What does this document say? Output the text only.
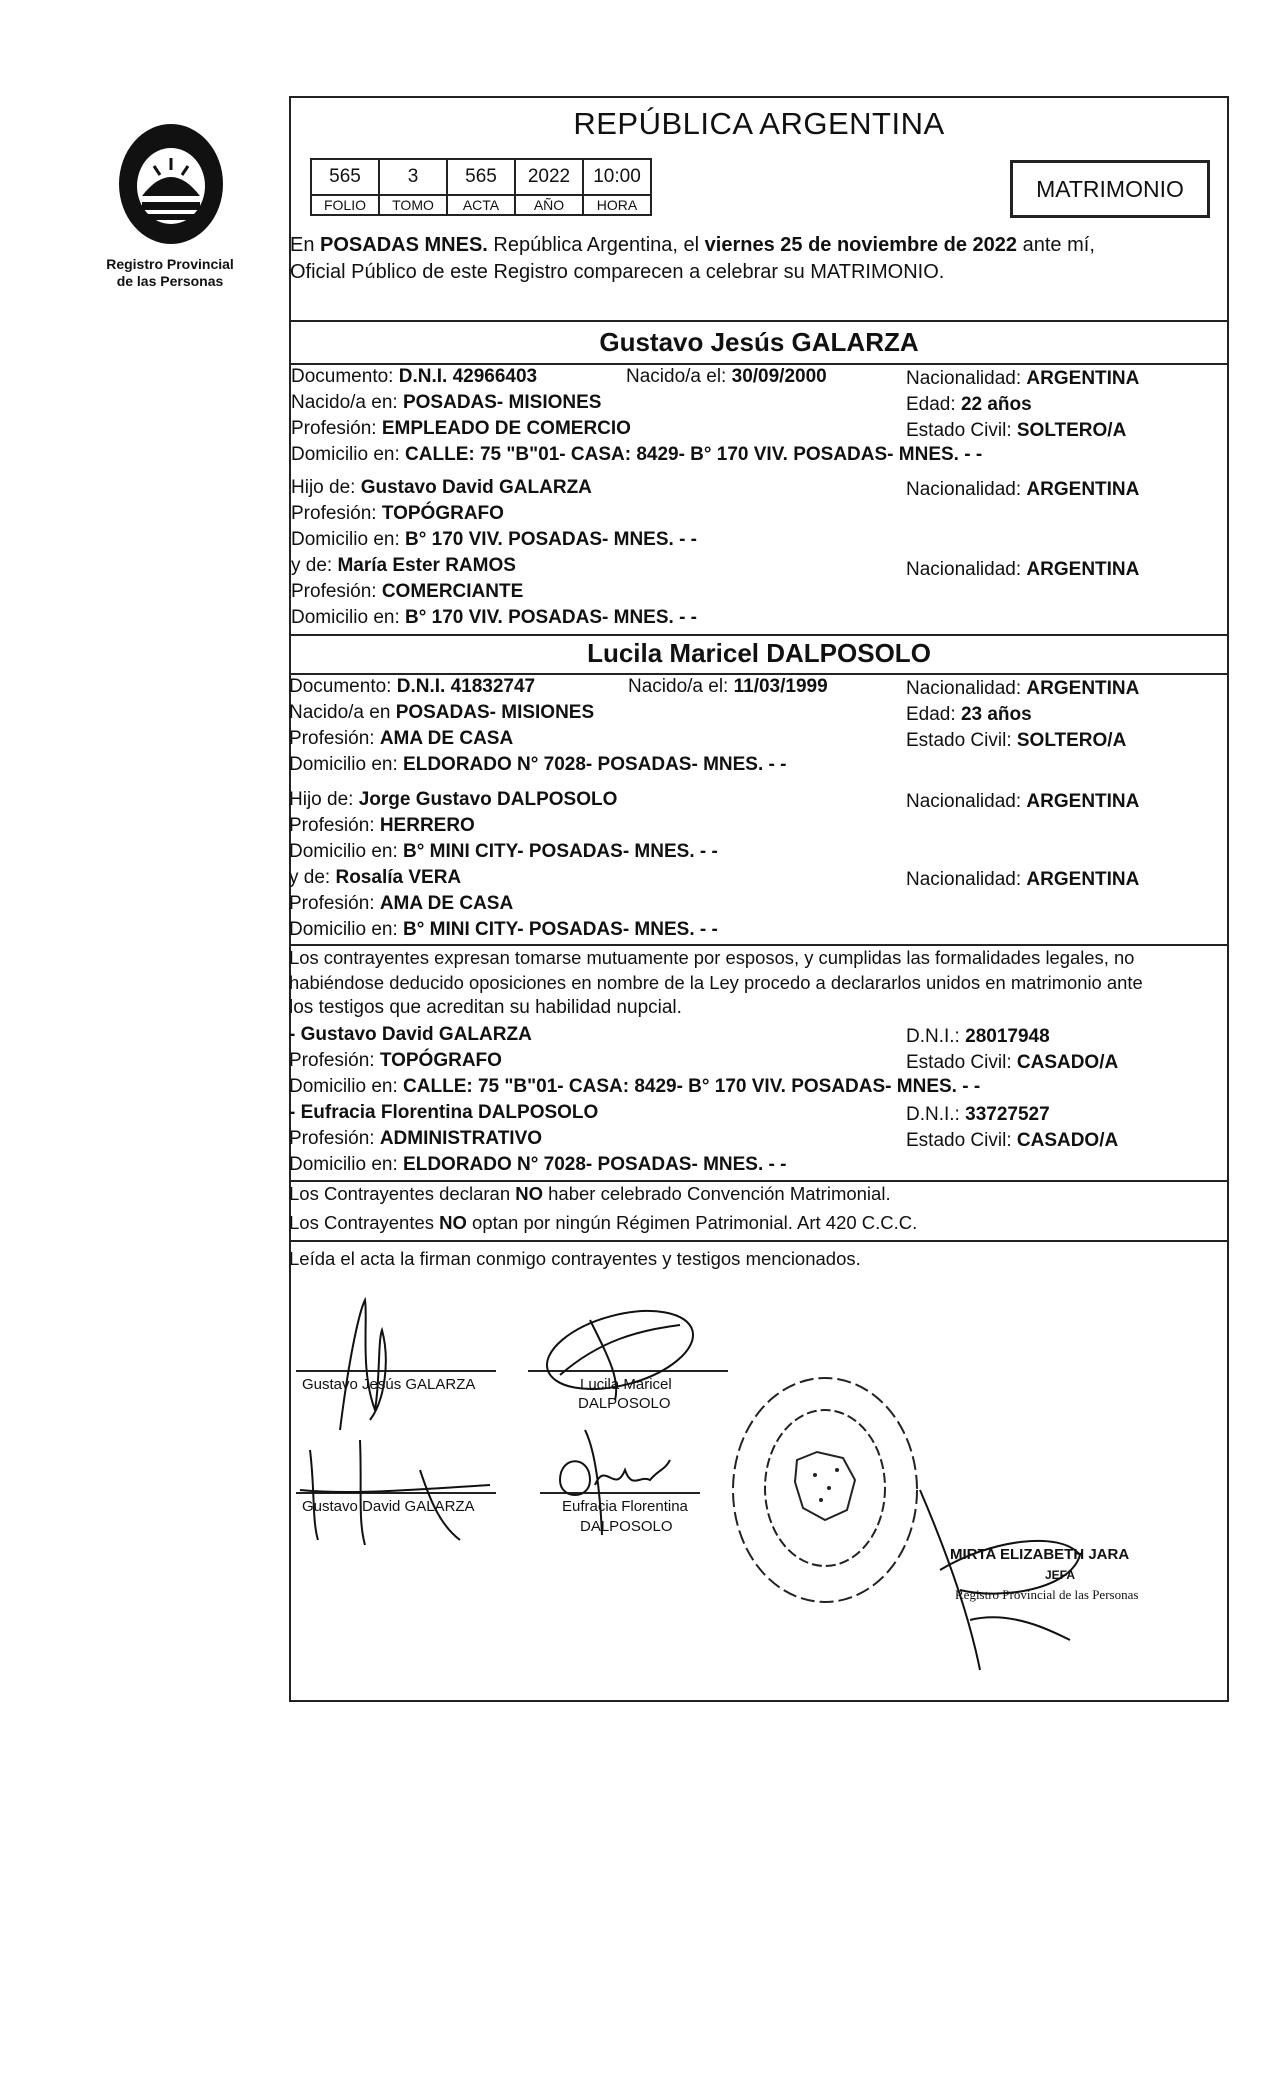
Registro Provincial
de las Personas
REPÚBLICA ARGENTINA
565	3	565	2022	10:00
FOLIO	TOMO	ACTA	AÑO	HORA
MATRIMONIO
En POSADAS MNES. República Argentina, el viernes 25 de noviembre de 2022 ante mí,
Oficial Público de este Registro comparecen a celebrar su MATRIMONIO.
Gustavo Jesús GALARZA
Documento: D.N.I. 42966403	Nacido/a el: 30/09/2000	Nacionalidad: ARGENTINA
Nacido/a en: POSADAS- MISIONES	Edad: 22 años
Profesión: EMPLEADO DE COMERCIO	Estado Civil: SOLTERO/A
Domicilio en: CALLE: 75 "B"01- CASA: 8429- B° 170 VIV. POSADAS- MNES. - -
Hijo de: Gustavo David GALARZA	Nacionalidad: ARGENTINA
Profesión: TOPÓGRAFO
Domicilio en: B° 170 VIV. POSADAS- MNES. - -
y de: María Ester RAMOS	Nacionalidad: ARGENTINA
Profesión: COMERCIANTE
Domicilio en: B° 170 VIV. POSADAS- MNES. - -
Lucila Maricel DALPOSOLO
Documento: D.N.I. 41832747	Nacido/a el: 11/03/1999	Nacionalidad: ARGENTINA
Nacido/a en POSADAS- MISIONES	Edad: 23 años
Profesión: AMA DE CASA	Estado Civil: SOLTERO/A
Domicilio en: ELDORADO N° 7028- POSADAS- MNES. - -
Hijo de: Jorge Gustavo DALPOSOLO	Nacionalidad: ARGENTINA
Profesión: HERRERO
Domicilio en: B° MINI CITY- POSADAS- MNES. - -
y de: Rosalía VERA	Nacionalidad: ARGENTINA
Profesión: AMA DE CASA
Domicilio en: B° MINI CITY- POSADAS- MNES. - -
Los contrayentes expresan tomarse mutuamente por esposos, y cumplidas las formalidades legales, no
habiéndose deducido oposiciones en nombre de la Ley procedo a declararlos unidos en matrimonio ante
los testigos que acreditan su habilidad nupcial.
- Gustavo David GALARZA	D.N.I.: 28017948
Profesión: TOPÓGRAFO	Estado Civil: CASADO/A
Domicilio en: CALLE: 75 "B"01- CASA: 8429- B° 170 VIV. POSADAS- MNES. - -
- Eufracia Florentina DALPOSOLO	D.N.I.: 33727527
Profesión: ADMINISTRATIVO	Estado Civil: CASADO/A
Domicilio en: ELDORADO N° 7028- POSADAS- MNES. - -
Los Contrayentes declaran NO haber celebrado Convención Matrimonial.
Los Contrayentes NO optan por ningún Régimen Patrimonial. Art 420 C.C.C.
Leída el acta la firman conmigo contrayentes y testigos mencionados.
Gustavo Jesús GALARZA	Lucila Maricel
DALPOSOLO
Gustavo David GALARZA	Eufracia Florentina
DALPOSOLO
MIRTA ELIZABETH JARA
JEFA
Registro Provincial de las Personas
